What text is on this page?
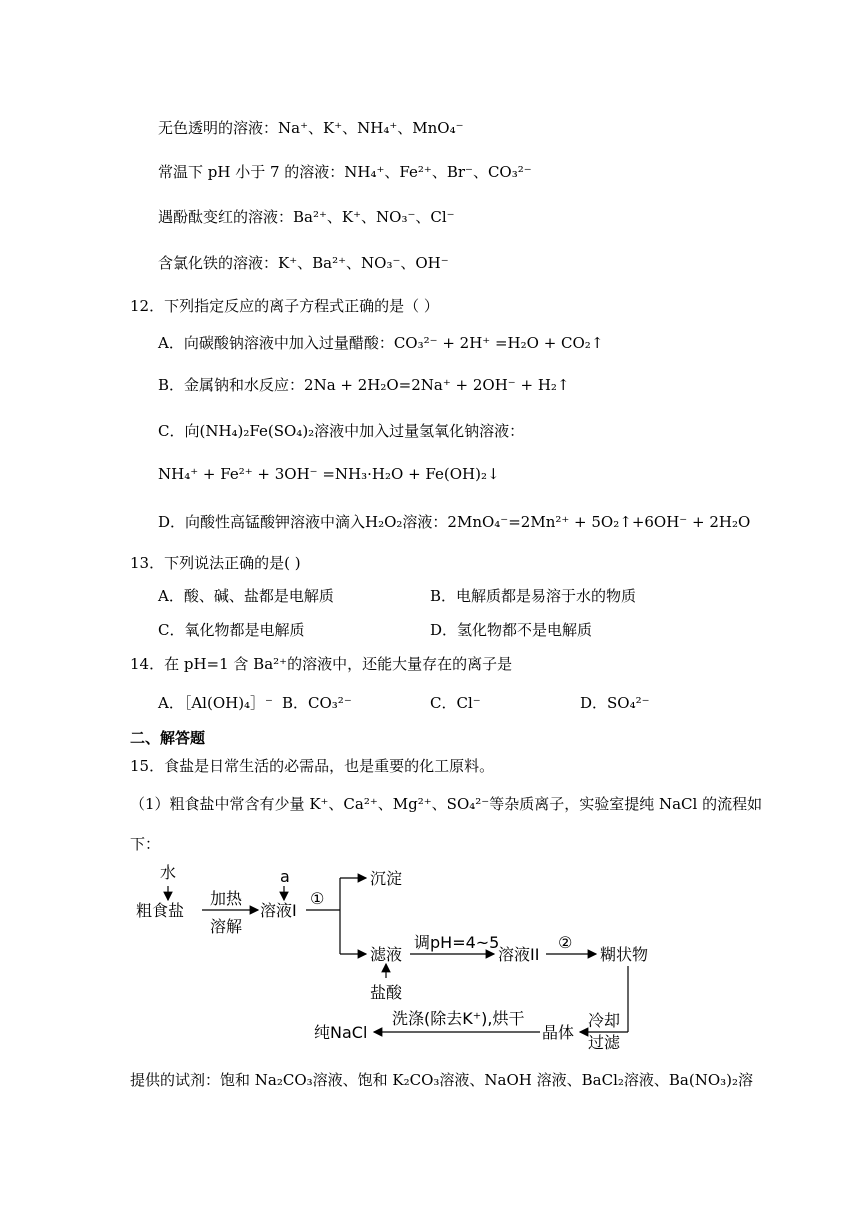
无色透明的溶液：Na⁺、K⁺、NH₄⁺、MnO₄⁻
常温下 pH 小于 7 的溶液：NH₄⁺、Fe²⁺、Br⁻、CO₃²⁻
遇酚酞变红的溶液：Ba²⁺、K⁺、NO₃⁻、Cl⁻
含氯化铁的溶液：K⁺、Ba²⁺、NO₃⁻、OH⁻
12．下列指定反应的离子方程式正确的是（ ）
A．向碳酸钠溶液中加入过量醋酸：CO₃²⁻ + 2H⁺ =H₂O + CO₂↑
B．金属钠和水反应：2Na + 2H₂O=2Na⁺ + 2OH⁻ + H₂↑
C．向(NH₄)₂Fe(SO₄)₂溶液中加入过量氢氧化钠溶液：
NH₄⁺ + Fe²⁺ + 3OH⁻ =NH₃·H₂O + Fe(OH)₂↓
D．向酸性高锰酸钾溶液中滴入H₂O₂溶液：2MnO₄⁻=2Mn²⁺ + 5O₂↑+6OH⁻ + 2H₂O
13．下列说法正确的是( )
A．酸、碱、盐都是电解质	B．电解质都是易溶于水的物质
C．氧化物都是电解质	D．氢化物都不是电解质
14．在 pH=1 含 Ba²⁺的溶液中，还能大量存在的离子是
A．［Al(OH)₄］⁻ B．CO₃²⁻	C．Cl⁻	D．SO₄²⁻
二、解答题
15．食盐是日常生活的必需品，也是重要的化工原料。
（1）粗食盐中常含有少量 K⁺、Ca²⁺、Mg²⁺、SO₄²⁻等杂质离子，实验室提纯 NaCl 的流程如
下：
水
粗食盐
加热
溶解
a
溶液I
①
沉淀
滤液
盐酸
调pH=4~5
溶液II
②
糊状物
冷却
过滤
晶体
洗涤(除去K⁺),烘干
纯NaCl
提供的试剂：饱和 Na₂CO₃溶液、饱和 K₂CO₃溶液、NaOH 溶液、BaCl₂溶液、Ba(NO₃)₂溶
